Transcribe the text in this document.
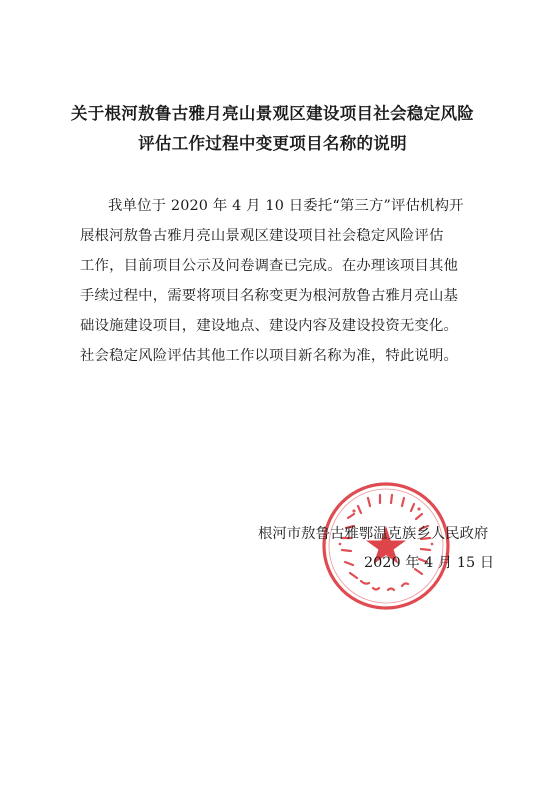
关于根河敖鲁古雅月亮山景观区建设项目社会稳定风险
评估工作过程中变更项目名称的说明
我单位于 2020 年 4 月 10 日委托“第三方”评估机构开
展根河敖鲁古雅月亮山景观区建设项目社会稳定风险评估
工作，目前项目公示及问卷调查已完成。在办理该项目其他
手续过程中，需要将项目名称变更为根河敖鲁古雅月亮山基
础设施建设项目，建设地点、建设内容及建设投资无变化。
社会稳定风险评估其他工作以项目新名称为准，特此说明。
根河市敖鲁古雅鄂温克族乡人民政府
2020 年 4 月 15 日
